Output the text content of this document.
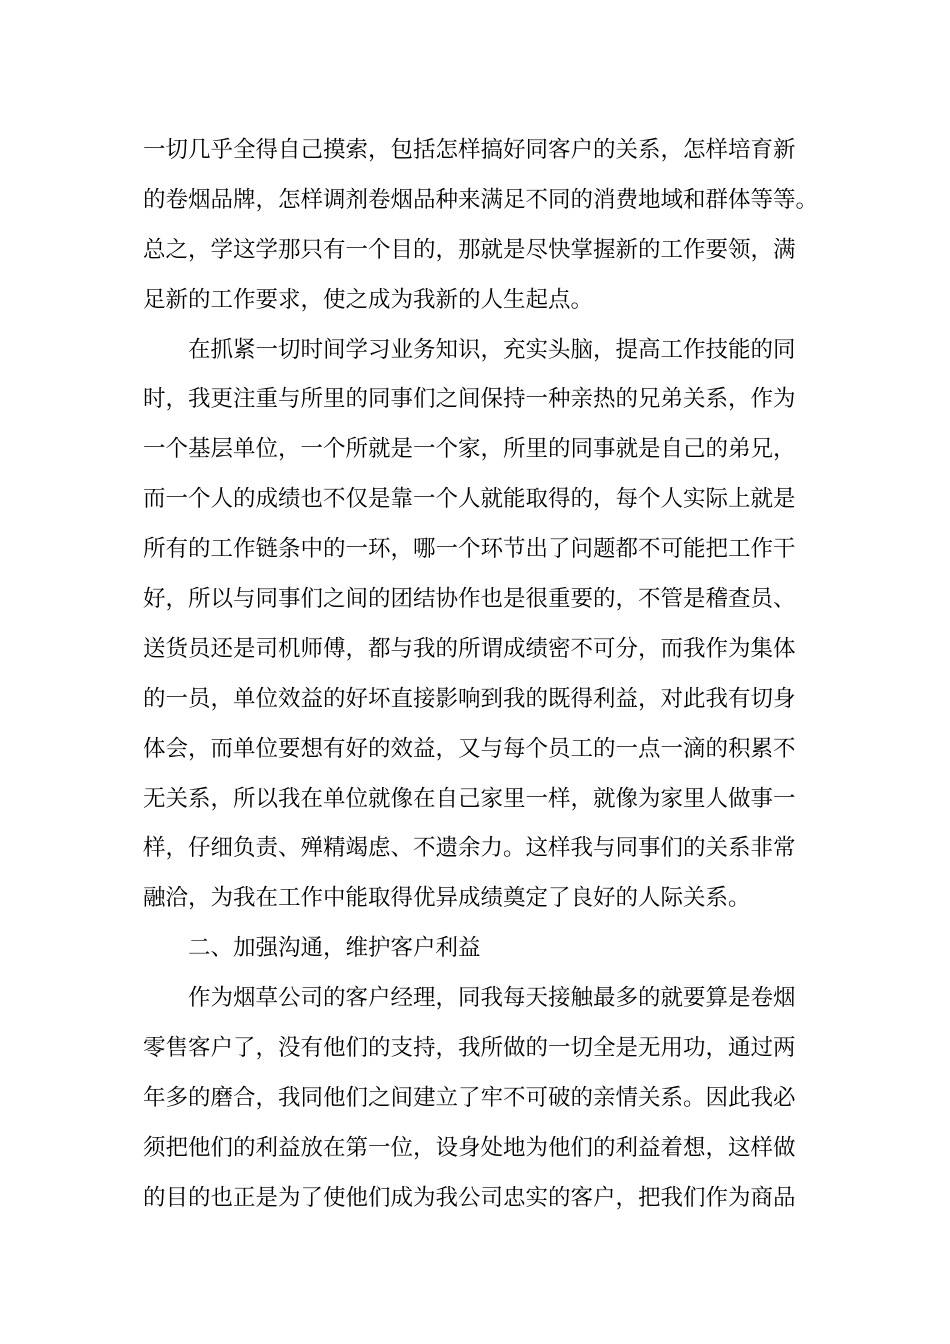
一切几乎全得自己摸索，包括怎样搞好同客户的关系，怎样培育新
的卷烟品牌，怎样调剂卷烟品种来满足不同的消费地域和群体等等。
总之，学这学那只有一个目的，那就是尽快掌握新的工作要领，满
足新的工作要求，使之成为我新的人生起点。

在抓紧一切时间学习业务知识，充实头脑，提高工作技能的同
时，我更注重与所里的同事们之间保持一种亲热的兄弟关系，作为
一个基层单位，一个所就是一个家，所里的同事就是自己的弟兄，
而一个人的成绩也不仅是靠一个人就能取得的，每个人实际上就是
所有的工作链条中的一环，哪一个环节出了问题都不可能把工作干
好，所以与同事们之间的团结协作也是很重要的，不管是稽查员、
送货员还是司机师傅，都与我的所谓成绩密不可分，而我作为集体
的一员，单位效益的好坏直接影响到我的既得利益，对此我有切身
体会，而单位要想有好的效益，又与每个员工的一点一滴的积累不
无关系，所以我在单位就像在自己家里一样，就像为家里人做事一
样，仔细负责、殚精竭虑、不遗余力。这样我与同事们的关系非常
融洽，为我在工作中能取得优异成绩奠定了良好的人际关系。

二、加强沟通，维护客户利益

作为烟草公司的客户经理，同我每天接触最多的就要算是卷烟
零售客户了，没有他们的支持，我所做的一切全是无用功，通过两
年多的磨合，我同他们之间建立了牢不可破的亲情关系。因此我必
须把他们的利益放在第一位，设身处地为他们的利益着想，这样做
的目的也正是为了使他们成为我公司忠实的客户，把我们作为商品
